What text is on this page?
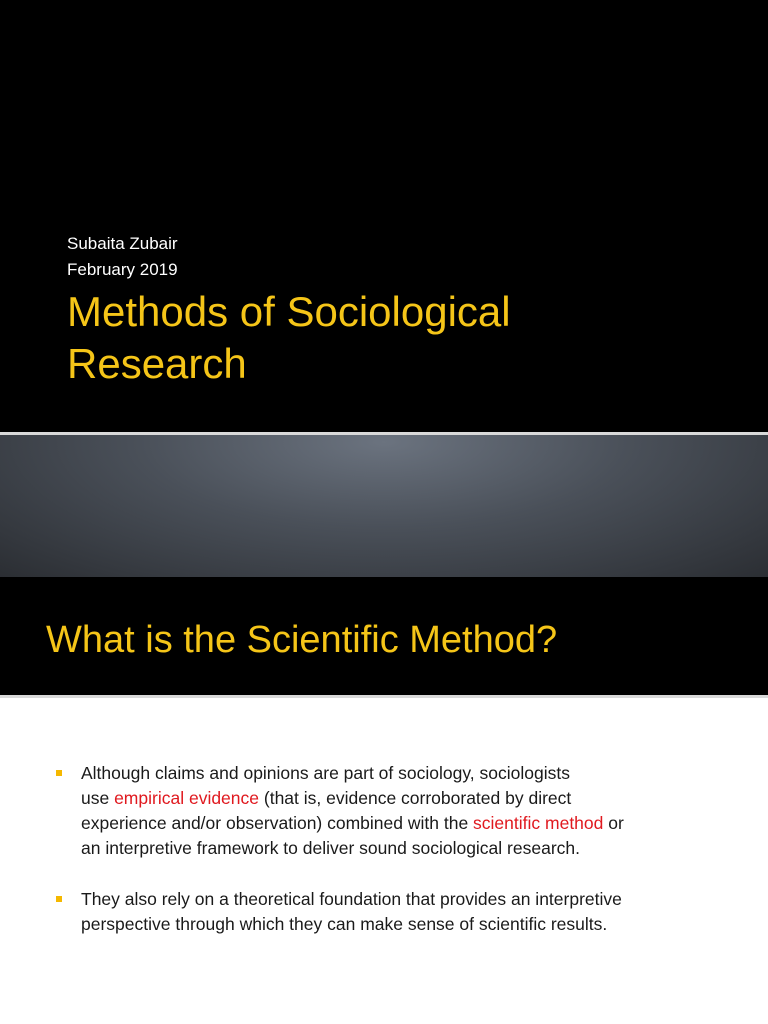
Subaita Zubair
February 2019
Methods of Sociological
Research
What is the Scientific Method?
Although claims and opinions are part of sociology, sociologists
use empirical evidence (that is, evidence corroborated by direct
experience and/or observation) combined with the scientific method or
an interpretive framework to deliver sound sociological research.
They also rely on a theoretical foundation that provides an interpretive
perspective through which they can make sense of scientific results.
